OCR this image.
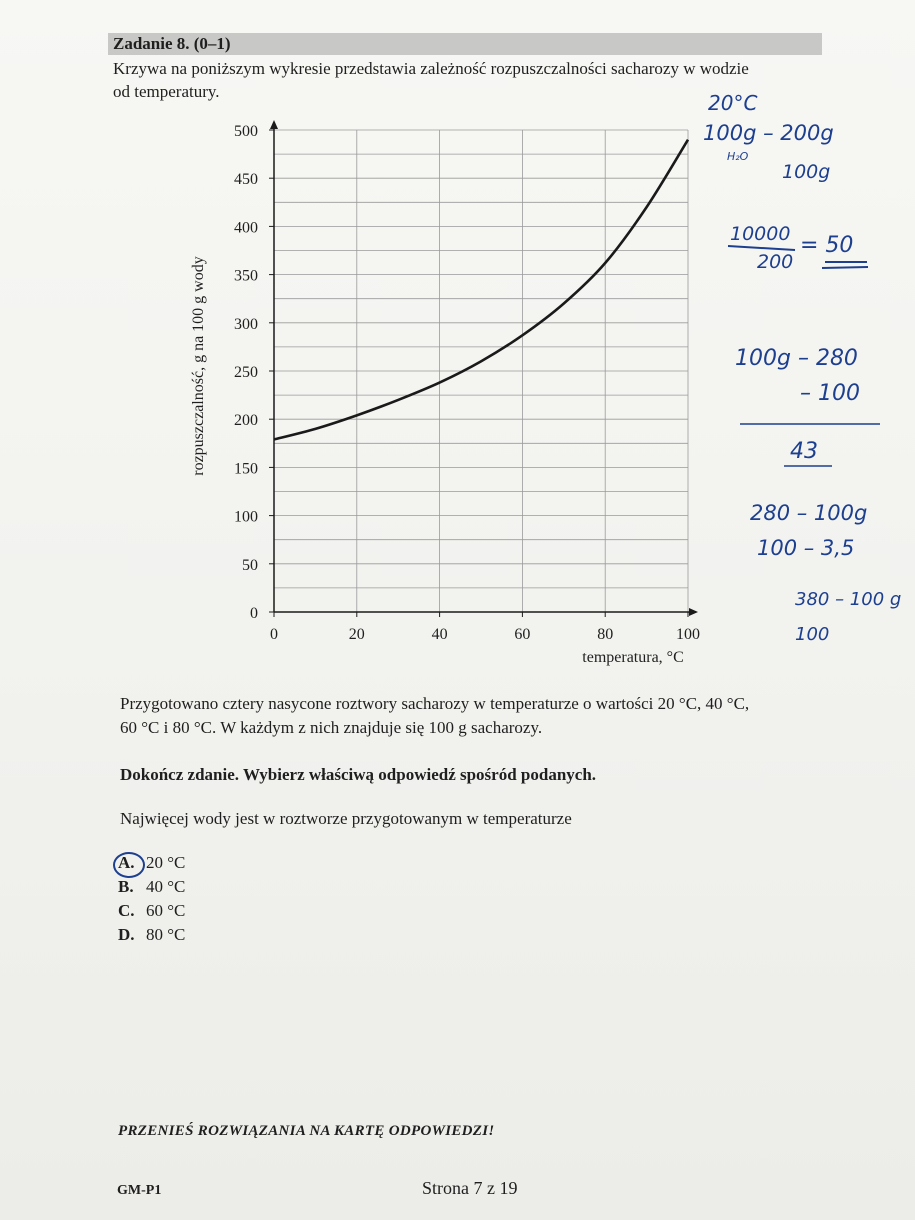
Zadanie 8. (0–1)
Krzywa na poniższym wykresie przedstawia zależność rozpuszczalności sacharozy w wodzie
od temperatury.
0	20	40	60	80	100
0
50
100
150
200
250
300
350
400
450
500
temperatura, °C
rozpuszczalność, g na 100 g wody
20°C
100g – 200g
H₂O
100g
10000
200
= 50
100g – 280
– 100
43
280 – 100g
100 – 3,5
380 – 100 g
100
Przygotowano cztery nasycone roztwory sacharozy w temperaturze o wartości 20 °C, 40 °C,
60 °C i 80 °C. W każdym z nich znajduje się 100 g sacharozy.
Dokończ zdanie. Wybierz właściwą odpowiedź spośród podanych.
Najwięcej wody jest w roztworze przygotowanym w temperaturze
A. 20 °C
B. 40 °C
C. 60 °C
D. 80 °C
PRZENIEŚ ROZWIĄZANIA NA KARTĘ ODPOWIEDZI!
GM-P1	Strona 7 z 19
